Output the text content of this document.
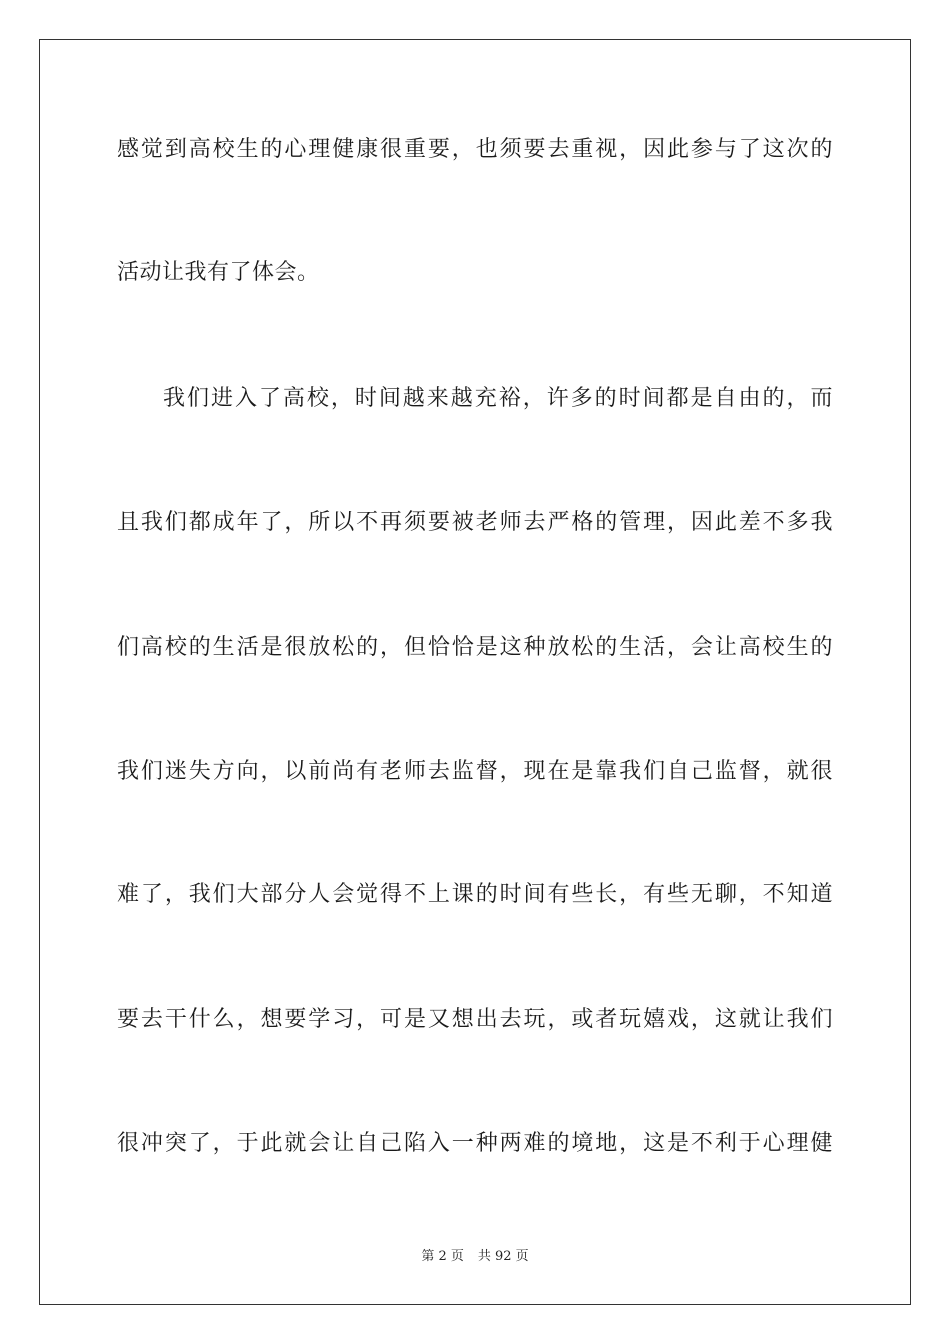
感觉到高校生的心理健康很重要，也须要去重视，因此参与了这次的
活动让我有了体会。
我们进入了高校，时间越来越充裕，许多的时间都是自由的，而
且我们都成年了，所以不再须要被老师去严格的管理，因此差不多我
们高校的生活是很放松的，但恰恰是这种放松的生活，会让高校生的
我们迷失方向，以前尚有老师去监督，现在是靠我们自己监督，就很
难了，我们大部分人会觉得不上课的时间有些长，有些无聊，不知道
要去干什么，想要学习，可是又想出去玩，或者玩嬉戏，这就让我们
很冲突了，于此就会让自己陷入一种两难的境地，这是不利于心理健
第 2 页 共 92 页
